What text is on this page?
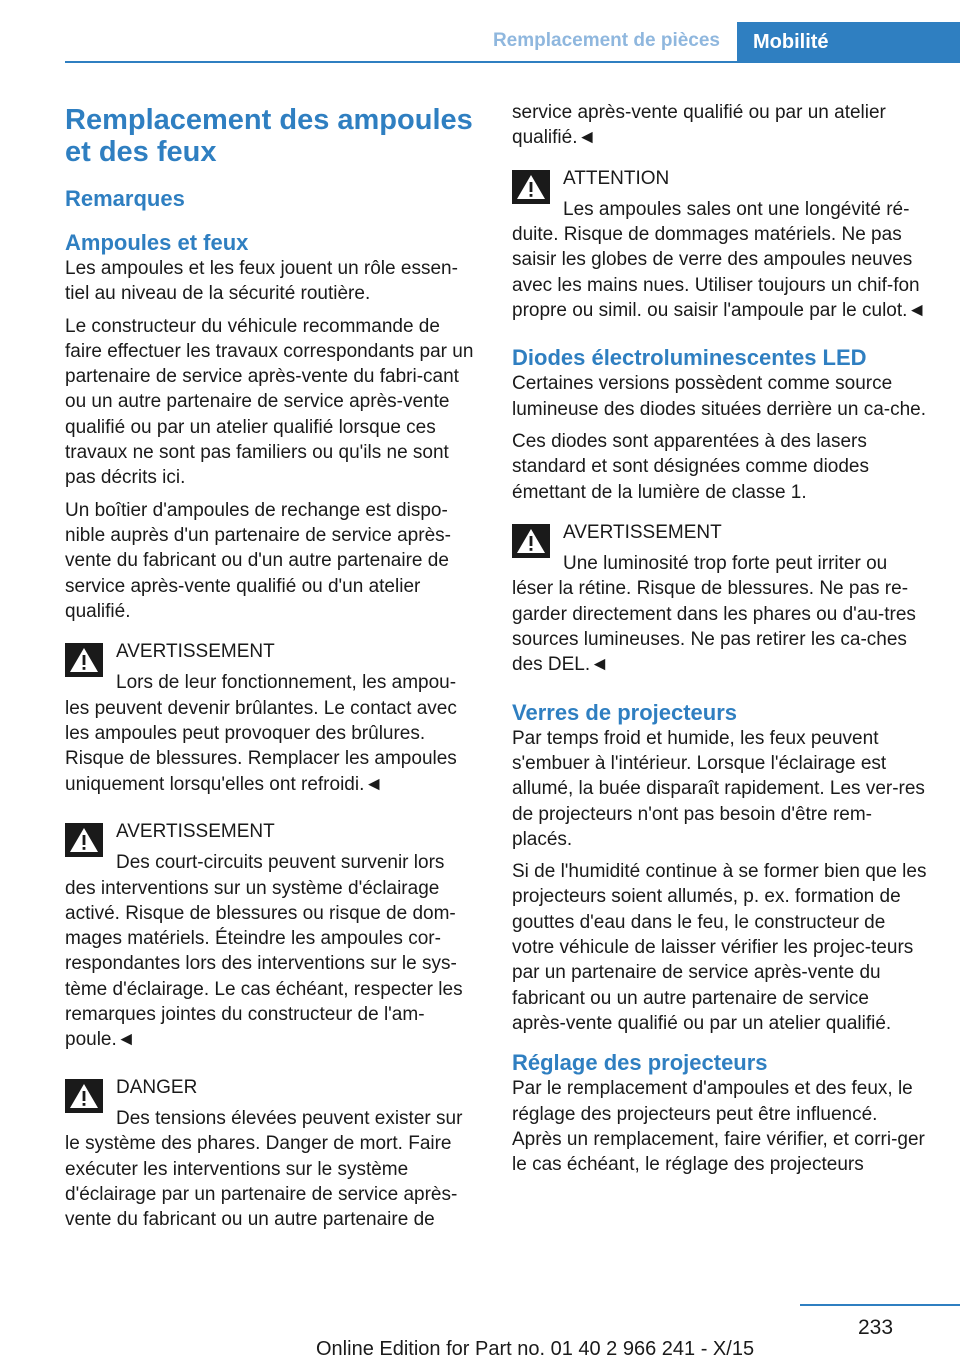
Remplacement de pièces Mobilité
Remplacement des ampoules et des feux
Remarques
Ampoules et feux

Les ampoules et les feux jouent un rôle essen-tiel au niveau de la sécurité routière.

Le constructeur du véhicule recommande de faire effectuer les travaux correspondants par un partenaire de service après-vente du fabri-cant ou un autre partenaire de service après-vente qualifié ou par un atelier qualifié lorsque ces travaux ne sont pas familiers ou qu'ils ne sont pas décrits ici.

Un boîtier d'ampoules de rechange est dispo-nible auprès d'un partenaire de service après-vente du fabricant ou d'un autre partenaire de service après-vente qualifié ou d'un atelier qualifié.

AVERTISSEMENT

Lors de leur fonctionnement, les ampou-les peuvent devenir brûlantes. Le contact avec les ampoules peut provoquer des brûlures. Risque de blessures. Remplacer les ampoules uniquement lorsqu'elles ont refroidi.◄

AVERTISSEMENT

Des court-circuits peuvent survenir lors des interventions sur un système d'éclairage activé. Risque de blessures ou risque de dom-mages matériels. Éteindre les ampoules cor-respondantes lors des interventions sur le sys-tème d'éclairage. Le cas échéant, respecter les remarques jointes du constructeur de l'am-poule.◄

DANGER

Des tensions élevées peuvent exister sur le système des phares. Danger de mort. Faire exécuter les interventions sur le système d'éclairage par un partenaire de service après-vente du fabricant ou un autre partenaire de

service après-vente qualifié ou par un atelier qualifié.◄

ATTENTION

Les ampoules sales ont une longévité ré-duite. Risque de dommages matériels. Ne pas saisir les globes de verre des ampoules neuves avec les mains nues. Utiliser toujours un chif-fon propre ou simil. ou saisir l'ampoule par le culot.◄

Diodes électroluminescentes LED

Certaines versions possèdent comme source lumineuse des diodes situées derrière un ca-che.

Ces diodes sont apparentées à des lasers standard et sont désignées comme diodes émettant de la lumière de classe 1.

AVERTISSEMENT

Une luminosité trop forte peut irriter ou léser la rétine. Risque de blessures. Ne pas re-garder directement dans les phares ou d'au-tres sources lumineuses. Ne pas retirer les ca-ches des DEL.◄

Verres de projecteurs

Par temps froid et humide, les feux peuvent s'embuer à l'intérieur. Lorsque l'éclairage est allumé, la buée disparaît rapidement. Les ver-res de projecteurs n'ont pas besoin d'être rem-placés.

Si de l'humidité continue à se former bien que les projecteurs soient allumés, p. ex. formation de gouttes d'eau dans le feu, le constructeur de votre véhicule de laisser vérifier les projec-teurs par un partenaire de service après-vente du fabricant ou un autre partenaire de service après-vente qualifié ou par un atelier qualifié.

Réglage des projecteurs

Par le remplacement d'ampoules et des feux, le réglage des projecteurs peut être influencé. Après un remplacement, faire vérifier, et corri-ger le cas échéant, le réglage des projecteurs

233
Online Edition for Part no. 01 40 2 966 241 - X/15
